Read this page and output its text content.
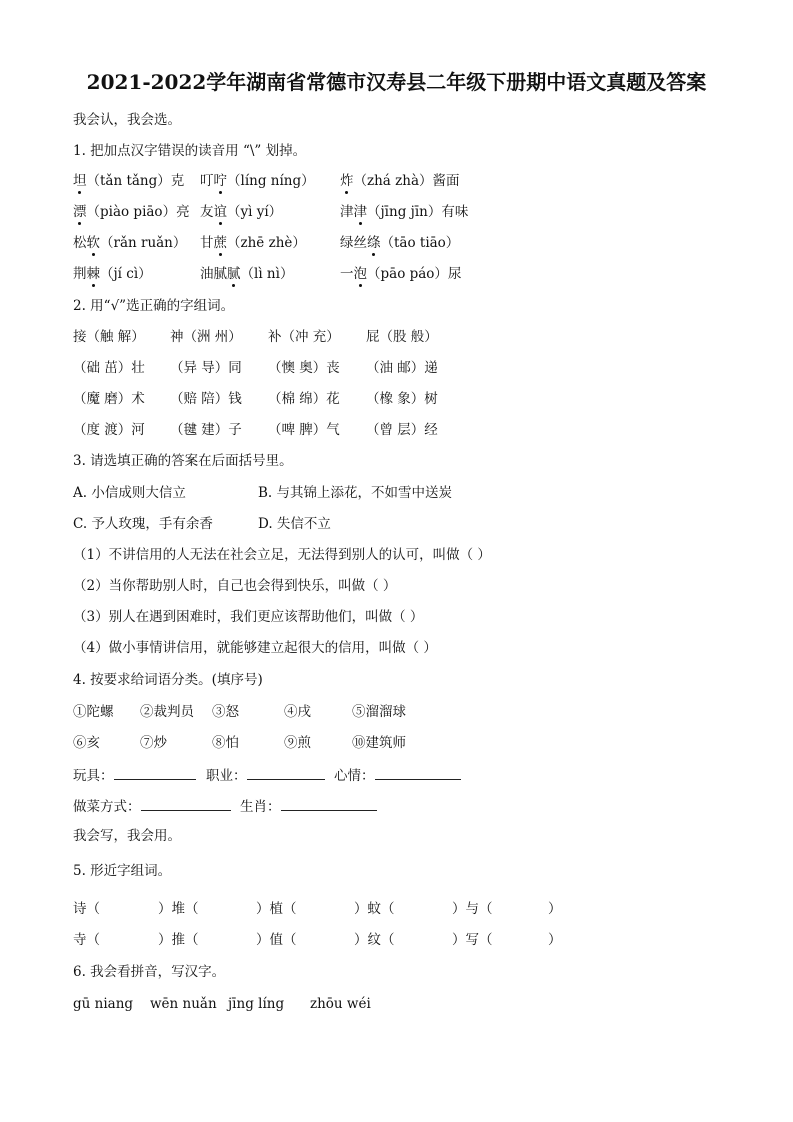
2021-2022学年湖南省常德市汉寿县二年级下册期中语文真题及答案
我会认，我会选。
1. 把加点汉字错误的读音用 “\” 划掉。
坦（tǎn tǎng）克 叮咛（líng níng） 炸（zhá zhà）酱面
漂（piào piāo）亮 友谊（yì yí）	津津（jīng jīn）有味
松软（rǎn ruǎn） 甘蔗（zhē zhè）	绿丝绦（tāo tiāo）
荆棘（jí cì）	油腻腻（lì nì）	一泡（pāo páo）尿
2. 用“√”选正确的字组词。
接（触 解） 神（洲 州） 补（冲 充） 屁（股 般）
（础 茁）壮 （异 导）同 （懊 奥）丧 （油 邮）递
（魔 磨）术 （赔 陪）钱 （棉 绵）花 （橡 象）树
（度 渡）河 （毽 建）子 （啤 脾）气 （曾 层）经
3. 请选填正确的答案在后面括号里。
A. 小信成则大信立	B. 与其锦上添花，不如雪中送炭
C. 予人玫瑰，手有余香	D. 失信不立
（1）不讲信用的人无法在社会立足，无法得到别人的认可，叫做（ ）
（2）当你帮助别人时，自己也会得到快乐，叫做（ ）
（3）别人在遇到困难时，我们更应该帮助他们，叫做（ ）
（4）做小事情讲信用，就能够建立起很大的信用，叫做（ ）
4. 按要求给词语分类。(填序号)
①陀螺 ②裁判员 ③怒	④戌	⑤溜溜球
⑥亥	⑦炒	⑧怕	⑨煎	⑩建筑师
玩具：	职业：	心情：
做菜方式：	生肖：
我会写，我会用。
5. 形近字组词。
诗（	）堆（	）植（	）蚊（	）与（	）
寺（	）推（	）值（	）纹（	）写（	）
6. 我会看拼音，写汉字。
gū niang wēn nuǎn jīng líng zhōu wéi
